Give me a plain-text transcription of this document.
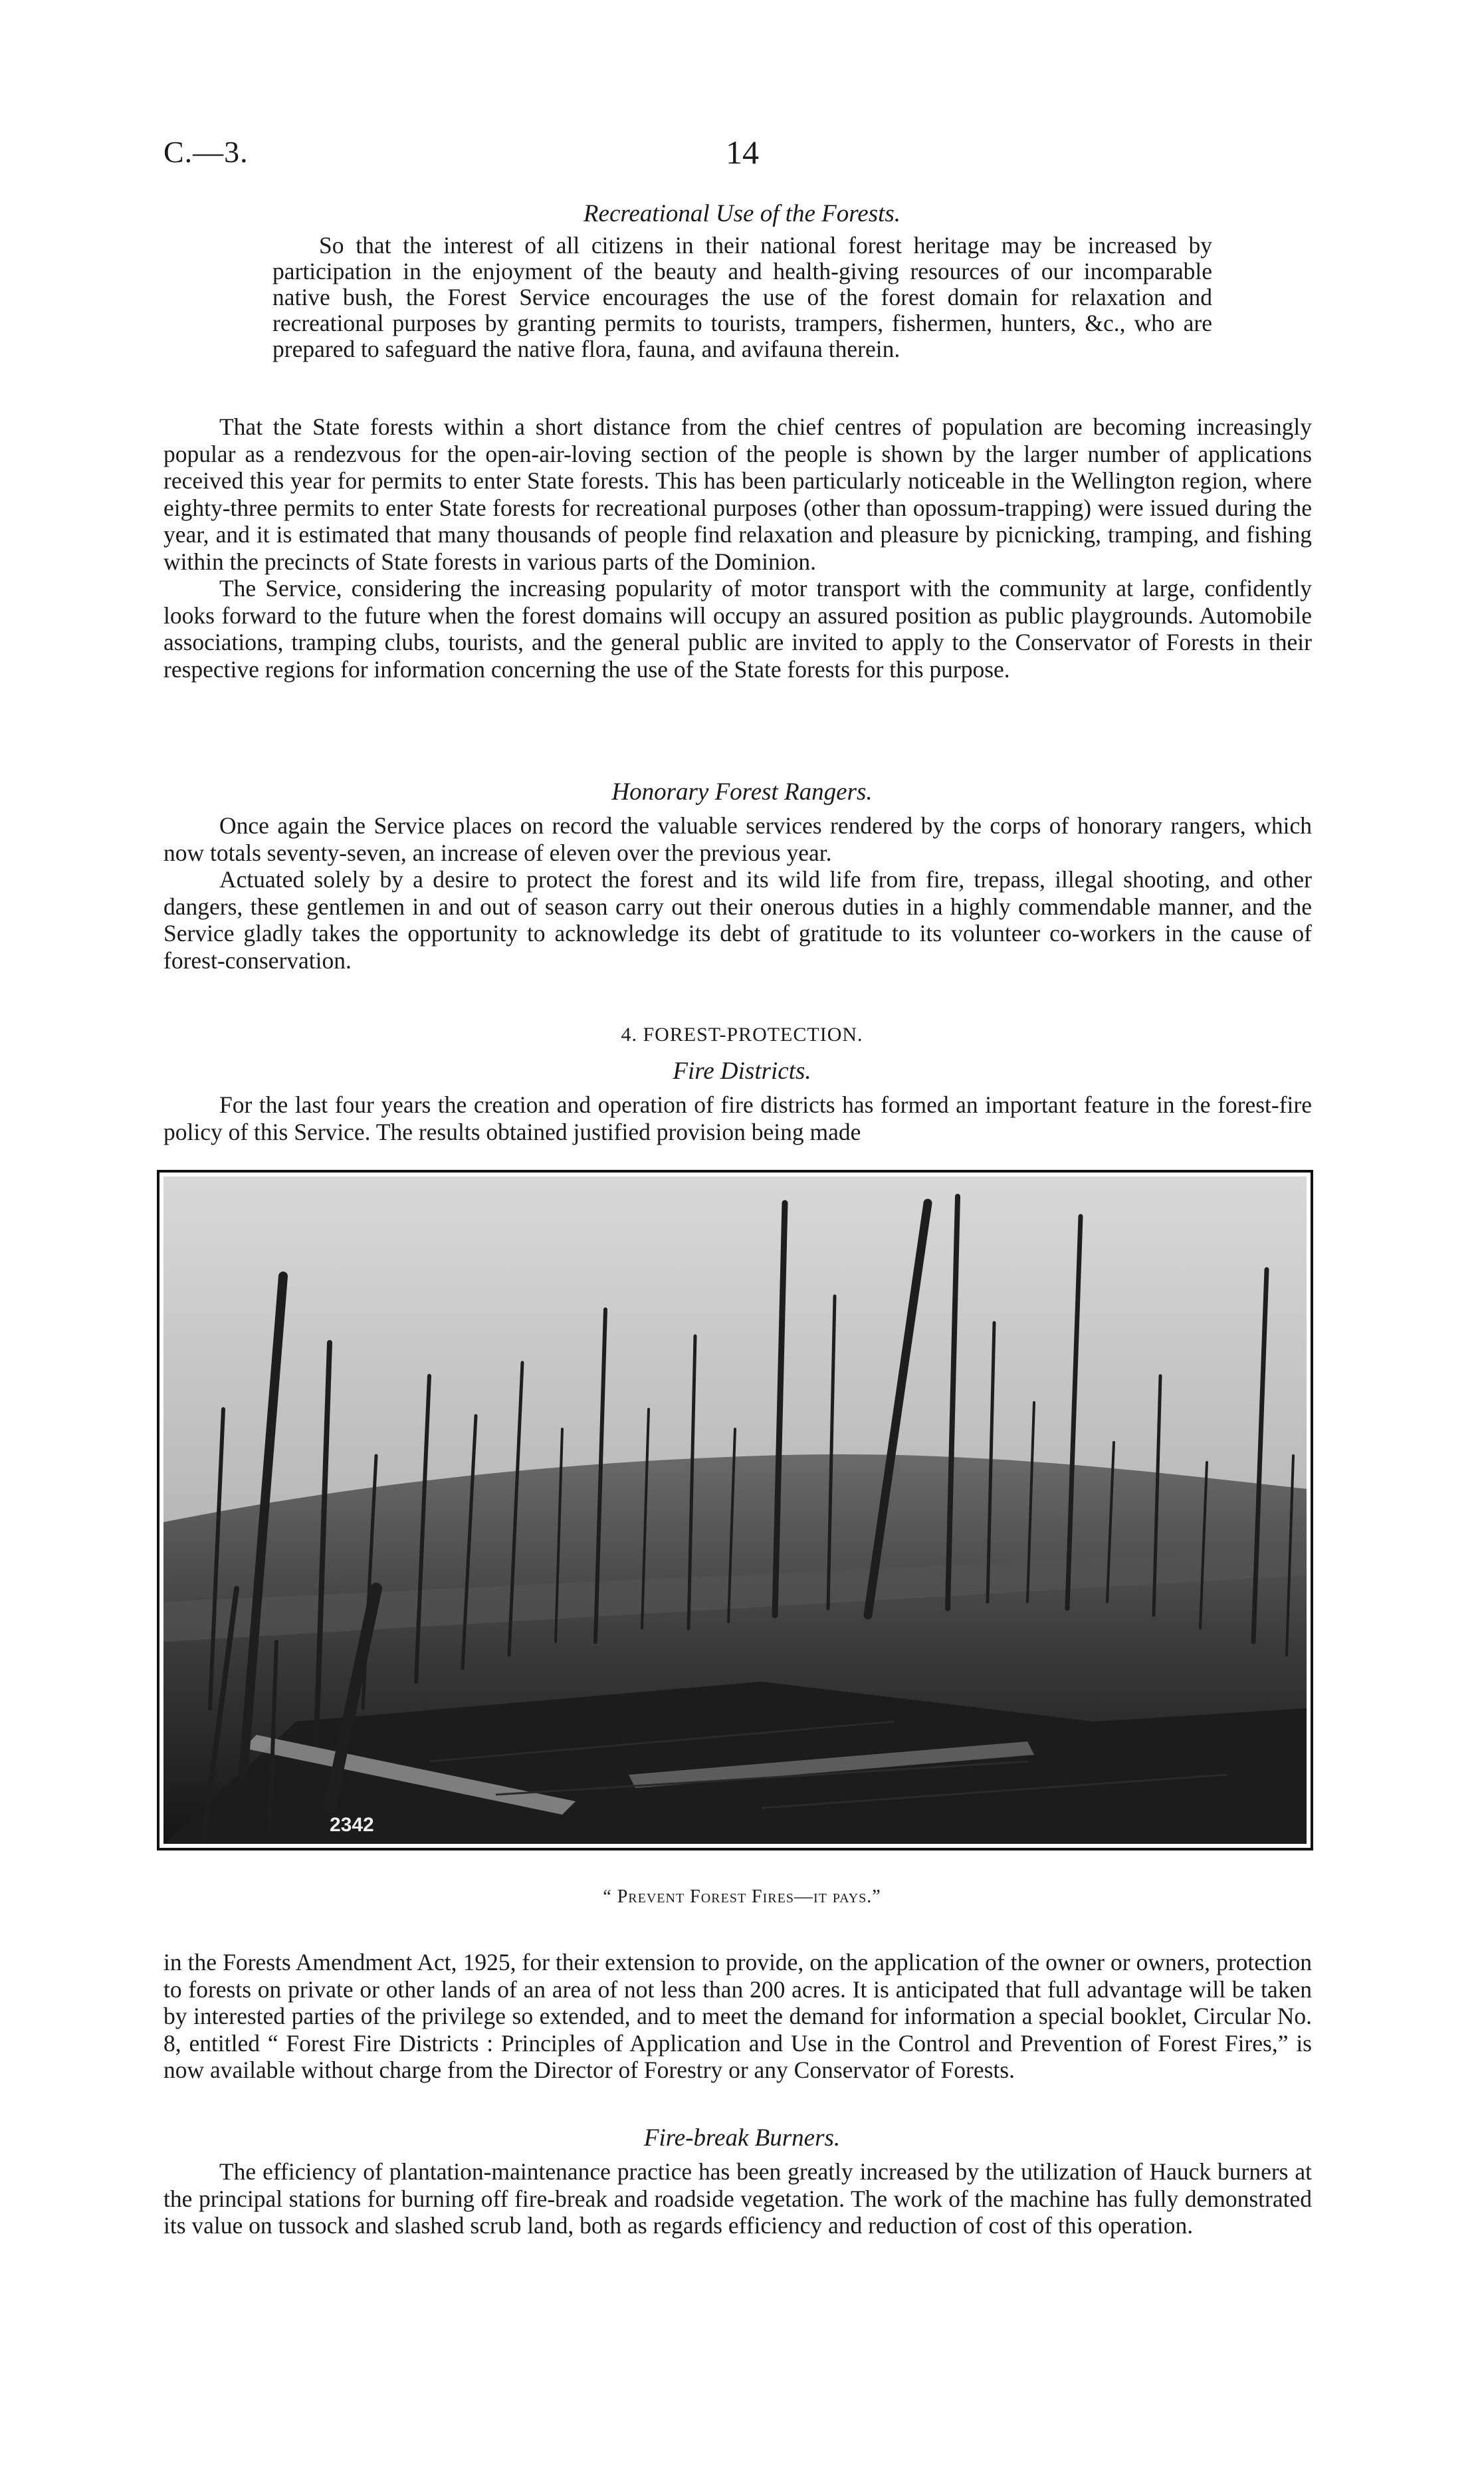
C.—3.	14
Recreational Use of the Forests.

So that the interest of all citizens in their national forest heritage may be increased by participation in the enjoyment of the beauty and health-giving resources of our incomparable native bush, the Forest Service encourages the use of the forest domain for relaxation and recreational purposes by granting permits to tourists, trampers, fishermen, hunters, &c., who are prepared to safeguard the native flora, fauna, and avifauna therein.

That the State forests within a short distance from the chief centres of population are becoming increasingly popular as a rendezvous for the open-air-loving section of the people is shown by the larger number of applications received this year for permits to enter State forests. This has been particularly noticeable in the Wellington region, where eighty-three permits to enter State forests for recreational purposes (other than opossum-trapping) were issued during the year, and it is estimated that many thousands of people find relaxation and pleasure by picnicking, tramping, and fishing within the precincts of State forests in various parts of the Dominion.

The Service, considering the increasing popularity of motor transport with the community at large, confidently looks forward to the future when the forest domains will occupy an assured position as public playgrounds. Automobile associations, tramping clubs, tourists, and the general public are invited to apply to the Conservator of Forests in their respective regions for information concerning the use of the State forests for this purpose.

Honorary Forest Rangers.

Once again the Service places on record the valuable services rendered by the corps of honorary rangers, which now totals seventy-seven, an increase of eleven over the previous year.

Actuated solely by a desire to protect the forest and its wild life from fire, trepass, illegal shooting, and other dangers, these gentlemen in and out of season carry out their onerous duties in a highly commendable manner, and the Service gladly takes the opportunity to acknowledge its debt of gratitude to its volunteer co-workers in the cause of forest-conservation.

4. FOREST-PROTECTION.
Fire Districts.

For the last four years the creation and operation of fire districts has formed an important feature in the forest-fire policy of this Service. The results obtained justified provision being made

2342
“ Prevent Forest Fires—it pays.”

in the Forests Amendment Act, 1925, for their extension to provide, on the application of the owner or owners, protection to forests on private or other lands of an area of not less than 200 acres. It is anticipated that full advantage will be taken by interested parties of the privilege so extended, and to meet the demand for information a special booklet, Circular No. 8, entitled “ Forest Fire Districts : Principles of Application and Use in the Control and Prevention of Forest Fires,” is now available without charge from the Director of Forestry or any Conservator of Forests.

Fire-break Burners.

The efficiency of plantation-maintenance practice has been greatly increased by the utilization of Hauck burners at the principal stations for burning off fire-break and roadside vegetation. The work of the machine has fully demonstrated its value on tussock and slashed scrub land, both as regards efficiency and reduction of cost of this operation.
